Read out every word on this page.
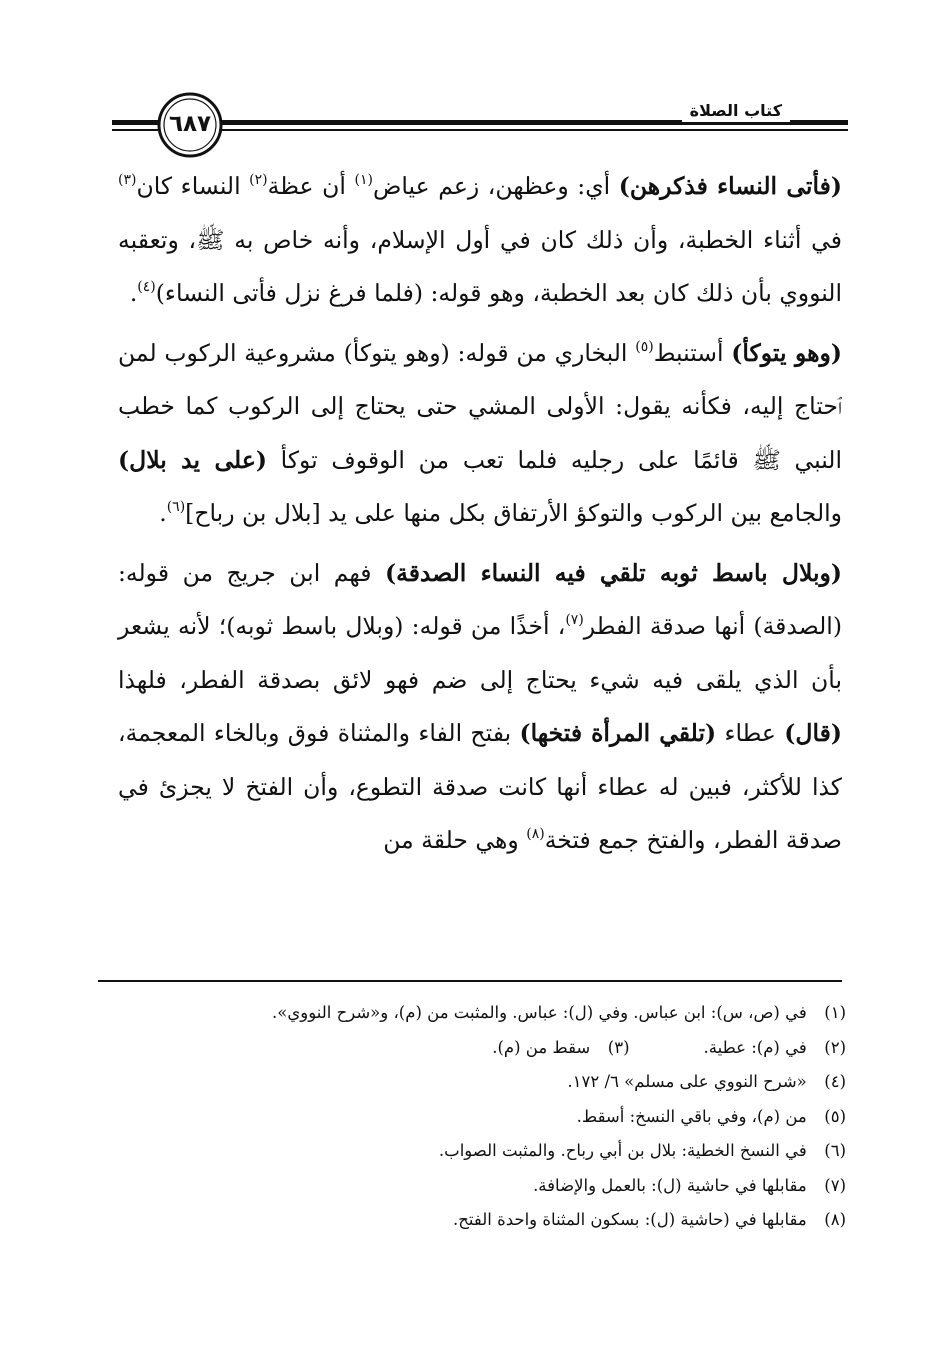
كتاب الصلاة
٦٨٧

(فأتى النساء فذكرهن) أي: وعظهن، زعم عياض$^{(١)}$ أن عظة$^{(٢)}$ النساء كان$^{(٣)}$ في أثناء الخطبة، وأن ذلك كان في أول الإسلام، وأنه خاص به ﷺ، وتعقبه النووي بأن ذلك كان بعد الخطبة، وهو قوله: (فلما فرغ نزل فأتى النساء)$^{(٤)}$.

(وهو يتوكأ) أستنبط$^{(٥)}$ البخاري من قوله: (وهو يتوكأ) مشروعية الركوب لمن ٱحتاج إليه، فكأنه يقول: الأولى المشي حتى يحتاج إلى الركوب كما خطب النبي ﷺ قائمًا على رجليه فلما تعب من الوقوف توكأ (على يد بلال) والجامع بين الركوب والتوكؤ الأرتفاق بكل منها على يد [بلال بن رباح]$^{(٦)}$.

(وبلال باسط ثوبه تلقي فيه النساء الصدقة) فهم ابن جريج من قوله: (الصدقة) أنها صدقة الفطر$^{(٧)}$، أخذًا من قوله: (وبلال باسط ثوبه)؛ لأنه يشعر بأن الذي يلقى فيه شيء يحتاج إلى ضم فهو لائق بصدقة الفطر، فلهذا (قال) عطاء (تلقي المرأة فتخها) بفتح الفاء والمثناة فوق وبالخاء المعجمة، كذا للأكثر، فبين له عطاء أنها كانت صدقة التطوع، وأن الفتخ لا يجزئ في صدقة الفطر، والفتخ جمع فتخة$^{(٨)}$ وهي حلقة من

(١) في (ص، س): ابن عباس. وفي (ل): عباس. والمثبت من (م)، و«شرح النووي».
(٢) في (م): عطية.(٣) سقط من (م).
(٤) «شرح النووي على مسلم» ٦/ ١٧٢.
(٥) من (م)، وفي باقي النسخ: أسقط.
(٦) في النسخ الخطية: بلال بن أبي رباح. والمثبت الصواب.
(٧) مقابلها في حاشية (ل): بالعمل والإضافة.
(٨) مقابلها في (حاشية (ل): بسكون المثناة واحدة الفتح.
